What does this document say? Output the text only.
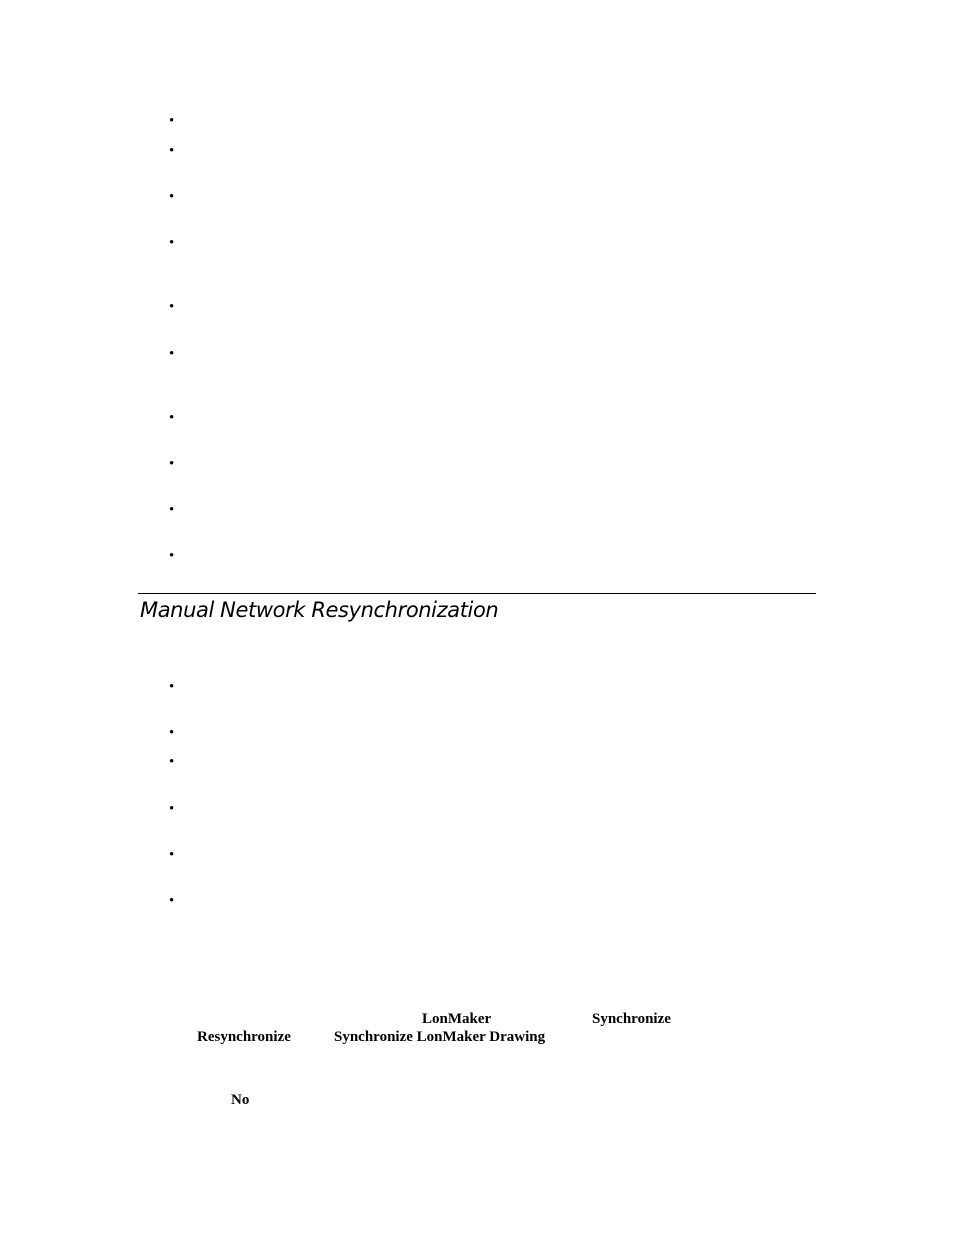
•
•
•
•
•
•
•
•
•
•
Manual Network Resynchronization
•
•
•
•
•
•
LonMaker	Synchronize
Resynchronize	Synchronize LonMaker Drawing
No
